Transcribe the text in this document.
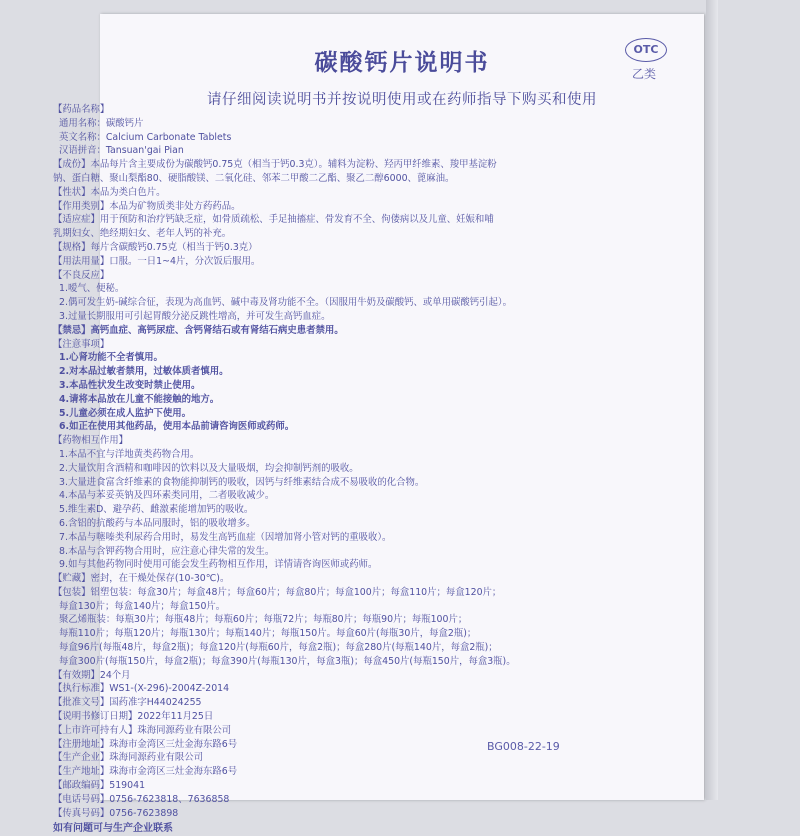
碳酸钙片说明书
OTC
乙类
请仔细阅读说明书并按说明使用或在药师指导下购买和使用
【药品名称】
通用名称：碳酸钙片
英文名称：Calcium Carbonate Tablets
汉语拼音：Tansuan'gai Pian
【成份】本品每片含主要成份为碳酸钙0.75克（相当于钙0.3克）。辅料为淀粉、羟丙甲纤维素、羧甲基淀粉
钠、蛋白糖、聚山梨酯80、硬脂酸镁、二氧化硅、邻苯二甲酸二乙酯、聚乙二醇6000、蓖麻油。
【性状】本品为类白色片。
【作用类别】本品为矿物质类非处方药药品。
【适应症】用于预防和治疗钙缺乏症，如骨质疏松、手足抽搐症、骨发育不全、佝偻病以及儿童、妊娠和哺
乳期妇女、绝经期妇女、老年人钙的补充。
【规格】每片含碳酸钙0.75克（相当于钙0.3克）
【用法用量】口服。一日1~4片，分次饭后服用。
【不良反应】
1.嗳气、便秘。
2.偶可发生奶-碱综合征，表现为高血钙、碱中毒及肾功能不全。（因服用牛奶及碳酸钙、或单用碳酸钙引起）。
3.过量长期服用可引起胃酸分泌反跳性增高，并可发生高钙血症。
【禁忌】高钙血症、高钙尿症、含钙肾结石或有肾结石病史患者禁用。
【注意事项】
1.心肾功能不全者慎用。
2.对本品过敏者禁用，过敏体质者慎用。
3.本品性状发生改变时禁止使用。
4.请将本品放在儿童不能接触的地方。
5.儿童必须在成人监护下使用。
6.如正在使用其他药品，使用本品前请咨询医师或药师。
【药物相互作用】
1.本品不宜与洋地黄类药物合用。
2.大量饮用含酒精和咖啡因的饮料以及大量吸烟，均会抑制钙剂的吸收。
3.大量进食富含纤维素的食物能抑制钙的吸收，因钙与纤维素结合成不易吸收的化合物。
4.本品与苯妥英钠及四环素类同用，二者吸收减少。
5.维生素D、避孕药、雌激素能增加钙的吸收。
6.含铝的抗酸药与本品同服时，铝的吸收增多。
7.本品与噻嗪类利尿药合用时，易发生高钙血症（因增加肾小管对钙的重吸收）。
8.本品与含钾药物合用时，应注意心律失常的发生。
9.如与其他药物同时使用可能会发生药物相互作用，详情请咨询医师或药师。
【贮藏】密封，在干燥处保存(10-30℃)。
【包装】铝塑包装：每盒30片；每盒48片；每盒60片；每盒80片；每盒100片；每盒110片；每盒120片；
每盒130片；每盒140片；每盒150片。
聚乙烯瓶装：每瓶30片；每瓶48片；每瓶60片；每瓶72片；每瓶80片；每瓶90片；每瓶100片；
每瓶110片；每瓶120片；每瓶130片；每瓶140片；每瓶150片。每盒60片(每瓶30片，每盒2瓶)；
每盒96片(每瓶48片，每盒2瓶)；每盒120片(每瓶60片，每盒2瓶)；每盒280片(每瓶140片，每盒2瓶)；
每盒300片(每瓶150片，每盒2瓶)；每盒390片(每瓶130片，每盒3瓶)；每盒450片(每瓶150片，每盒3瓶)。
【有效期】24个月
【执行标准】WS1-(X-296)-2004Z-2014
【批准文号】国药准字H44024255
【说明书修订日期】2022年11月25日
【上市许可持有人】珠海同源药业有限公司
【注册地址】珠海市金湾区三灶金海东路6号
【生产企业】珠海同源药业有限公司
【生产地址】珠海市金湾区三灶金海东路6号
【邮政编码】519041
【电话号码】0756-7623818、7636858
【传真号码】0756-7623898
如有问题可与生产企业联系
BG008-22-19
